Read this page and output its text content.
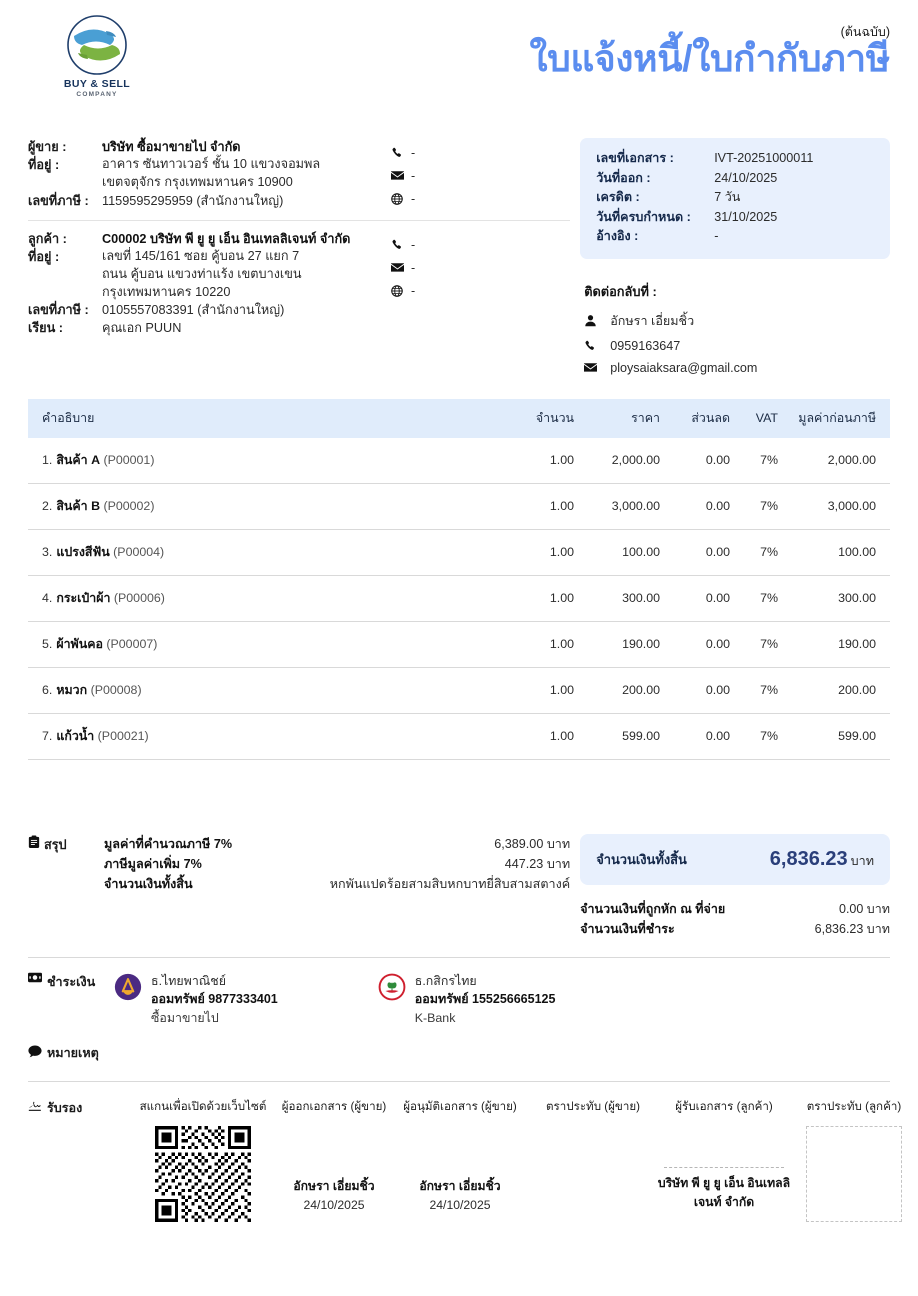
BUY & SELL
COMPANY
(ต้นฉบับ)
ใบแจ้งหนี้/ใบกำกับภาษี
ผู้ขาย :	บริษัท ซื้อมาขายไป จำกัด
ที่อยู่ :	อาคาร ซันทาวเวอร์ ชั้น 10 แขวงจอมพล
เขตจตุจักร กรุงเทพมหานคร 10900
เลขที่ภาษี :	1159595295959 (สำนักงานใหญ่)
-
-
-
ลูกค้า :	C00002 บริษัท พี ยู ยู เอ็น อินเทลลิเจนท์ จำกัด
ที่อยู่ :	เลขที่ 145/161 ซอย คู้บอน 27 แยก 7
ถนน คู้บอน แขวงท่าแร้ง เขตบางเขน
กรุงเทพมหานคร 10220
เลขที่ภาษี :	0105557083391 (สำนักงานใหญ่)
เรียน :	คุณเอก PUUN
-
-
-
เลขที่เอกสาร :	IVT-20251000011
วันที่ออก :	24/10/2025
เครดิต :	7 วัน
วันที่ครบกำหนด :	31/10/2025
อ้างอิง :	-
ติดต่อกลับที่ :
อักษรา เอี่ยมชิ้ว
0959163647
ploysaiaksara@gmail.com
คำอธิบาย	จำนวน	ราคา	ส่วนลด	VAT	มูลค่าก่อนภาษี
1. สินค้า A (P00001)	1.00	2,000.00	0.00	7%	2,000.00
2. สินค้า B (P00002)	1.00	3,000.00	0.00	7%	3,000.00
3. แปรงสีฟัน (P00004)	1.00	100.00	0.00	7%	100.00
4. กระเป๋าผ้า (P00006)	1.00	300.00	0.00	7%	300.00
5. ผ้าพันคอ (P00007)	1.00	190.00	0.00	7%	190.00
6. หมวก (P00008)	1.00	200.00	0.00	7%	200.00
7. แก้วน้ำ (P00021)	1.00	599.00	0.00	7%	599.00
สรุป	มูลค่าที่คำนวณภาษี 7%	6,389.00 บาท
ภาษีมูลค่าเพิ่ม 7%	447.23 บาท
จำนวนเงินทั้งสิ้น	หกพันแปดร้อยสามสิบหกบาทยี่สิบสามสตางค์
จำนวนเงินทั้งสิ้น	6,836.23 บาท
จำนวนเงินที่ถูกหัก ณ ที่จ่าย	0.00 บาท
จำนวนเงินที่ชำระ	6,836.23 บาท
ชำระเงิน	ธ.ไทยพาณิชย์
ออมทรัพย์ 9877333401
ซื้อมาขายไป
ธ.กสิกรไทย
ออมทรัพย์ 155256665125
K-Bank
หมายเหตุ
รับรอง	สแกนเพื่อเปิดด้วยเว็บไซต์	ผู้ออกเอกสาร (ผู้ขาย)
อักษรา เอี่ยมชิ้ว
24/10/2025
ผู้อนุมัติเอกสาร (ผู้ขาย)
อักษรา เอี่ยมชิ้ว
24/10/2025
ตราประทับ (ผู้ขาย)	ผู้รับเอกสาร (ลูกค้า)
บริษัท พี ยู ยู เอ็น อินเทลลิเจนท์ จำกัด
ตราประทับ (ลูกค้า)
